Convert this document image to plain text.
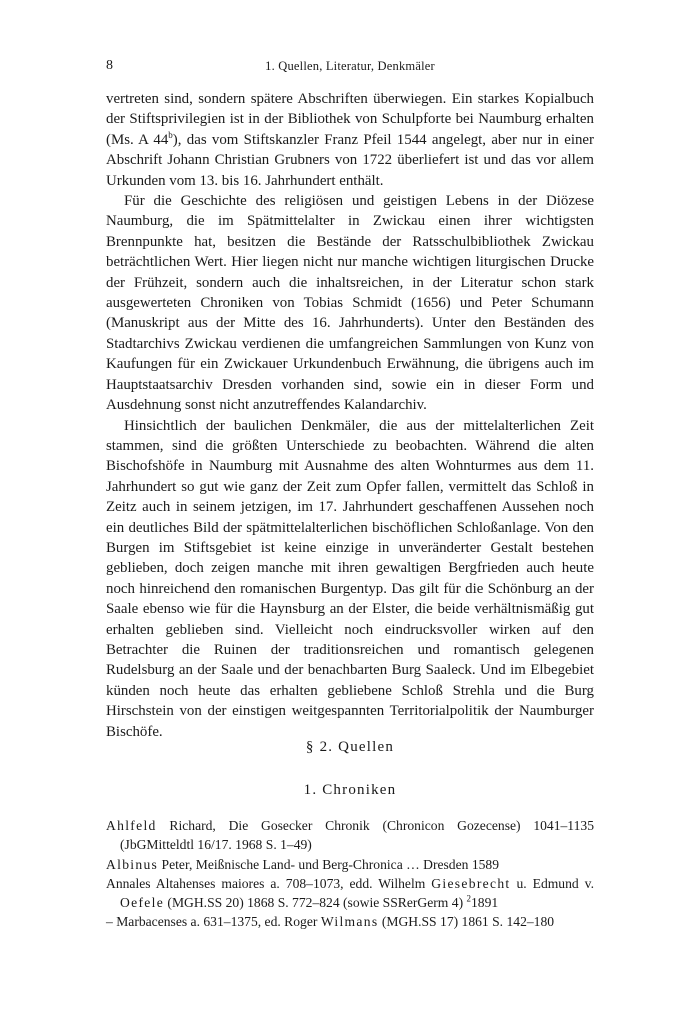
8	1. Quellen, Literatur, Denkmäler

vertreten sind, sondern spätere Abschriften überwiegen. Ein starkes Kopialbuch der Stiftsprivilegien ist in der Bibliothek von Schulpforte bei Naumburg erhalten (Ms. A 44$^b$), das vom Stiftskanzler Franz Pfeil 1544 angelegt, aber nur in einer Abschrift Johann Christian Grubners von 1722 überliefert ist und das vor allem Urkunden vom 13. bis 16. Jahrhundert enthält.

Für die Geschichte des religiösen und geistigen Lebens in der Diözese Naumburg, die im Spätmittelalter in Zwickau einen ihrer wichtigsten Brennpunkte hat, besitzen die Bestände der Ratsschulbibliothek Zwickau beträchtlichen Wert. Hier liegen nicht nur manche wichtigen liturgischen Drucke der Frühzeit, sondern auch die inhaltsreichen, in der Literatur schon stark ausgewerteten Chroniken von Tobias Schmidt (1656) und Peter Schumann (Manuskript aus der Mitte des 16. Jahrhunderts). Unter den Beständen des Stadtarchivs Zwickau verdienen die umfangreichen Sammlungen von Kunz von Kaufungen für ein Zwickauer Urkundenbuch Erwähnung, die übrigens auch im Hauptstaatsarchiv Dresden vorhanden sind, sowie ein in dieser Form und Ausdehnung sonst nicht anzutreffendes Kalandarchiv.

Hinsichtlich der baulichen Denkmäler, die aus der mittelalterlichen Zeit stammen, sind die größten Unterschiede zu beobachten. Während die alten Bischofshöfe in Naumburg mit Ausnahme des alten Wohnturmes aus dem 11. Jahrhundert so gut wie ganz der Zeit zum Opfer fallen, vermittelt das Schloß in Zeitz auch in seinem jetzigen, im 17. Jahrhundert geschaffenen Aussehen noch ein deutliches Bild der spätmittelalterlichen bischöflichen Schloßanlage. Von den Burgen im Stiftsgebiet ist keine einzige in unveränderter Gestalt bestehen geblieben, doch zeigen manche mit ihren gewaltigen Bergfrieden auch heute noch hinreichend den romanischen Burgentyp. Das gilt für die Schönburg an der Saale ebenso wie für die Haynsburg an der Elster, die beide verhältnismäßig gut erhalten geblieben sind. Vielleicht noch eindrucksvoller wirken auf den Betrachter die Ruinen der traditionsreichen und romantisch gelegenen Rudelsburg an der Saale und der benachbarten Burg Saaleck. Und im Elbegebiet künden noch heute das erhalten gebliebene Schloß Strehla und die Burg Hirschstein von der einstigen weitgespannten Territorialpolitik der Naumburger Bischöfe.

§ 2. Quellen
1. Chroniken

Ahlfeld Richard, Die Gosecker Chronik (Chronicon Gozecense) 1041–1135 (JbGMitteldtl 16/17. 1968 S. 1–49)

Albinus Peter, Meißnische Land- und Berg-Chronica … Dresden 1589

Annales Altahenses maiores a. 708–1073, edd. Wilhelm Giesebrecht u. Edmund v. Oefele (MGH.SS 20) 1868 S. 772–824 (sowie SSRerGerm 4) $^2$1891

– Marbacenses a. 631–1375, ed. Roger Wilmans (MGH.SS 17) 1861 S. 142–180
